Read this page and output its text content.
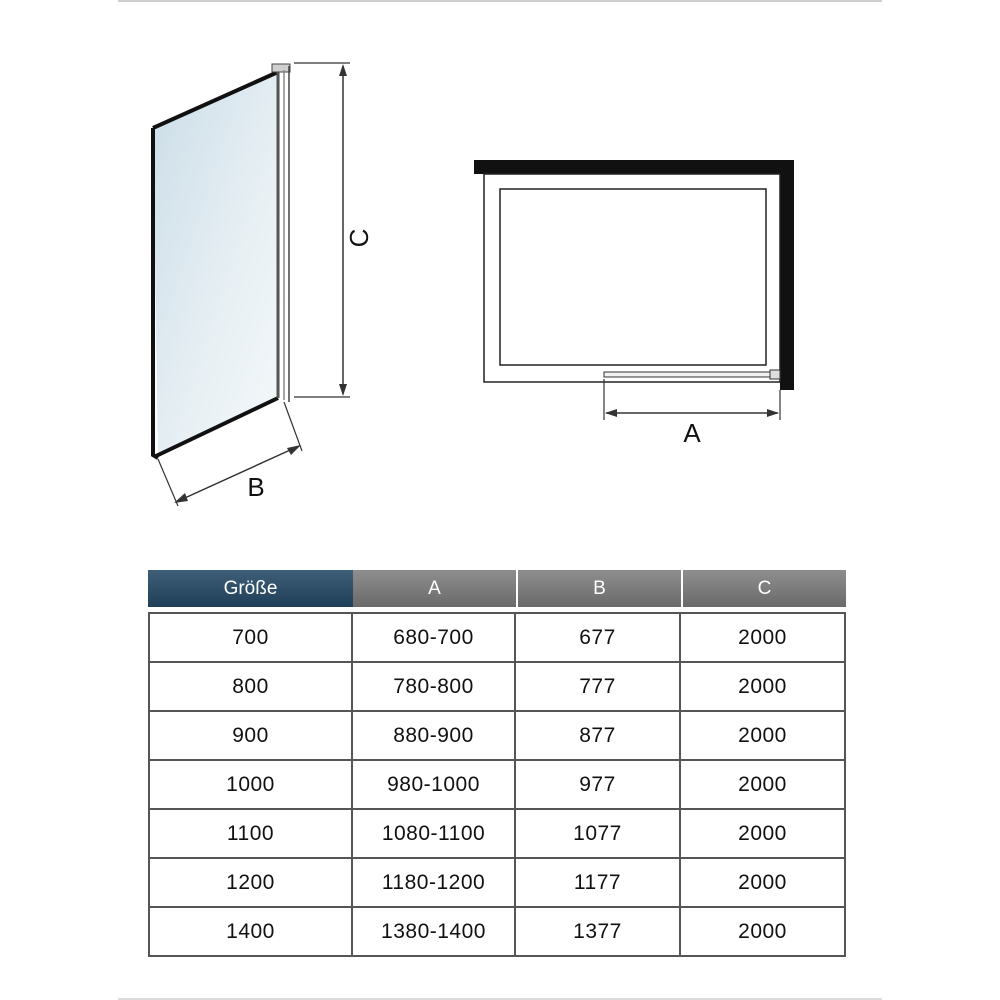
C
B
A
Größe	A	B	C

700	680-700	677	2000
800	780-800	777	2000
900	880-900	877	2000
1000	980-1000	977	2000
1100	1080-1100	1077	2000
1200	1180-1200	1177	2000
1400	1380-1400	1377	2000
